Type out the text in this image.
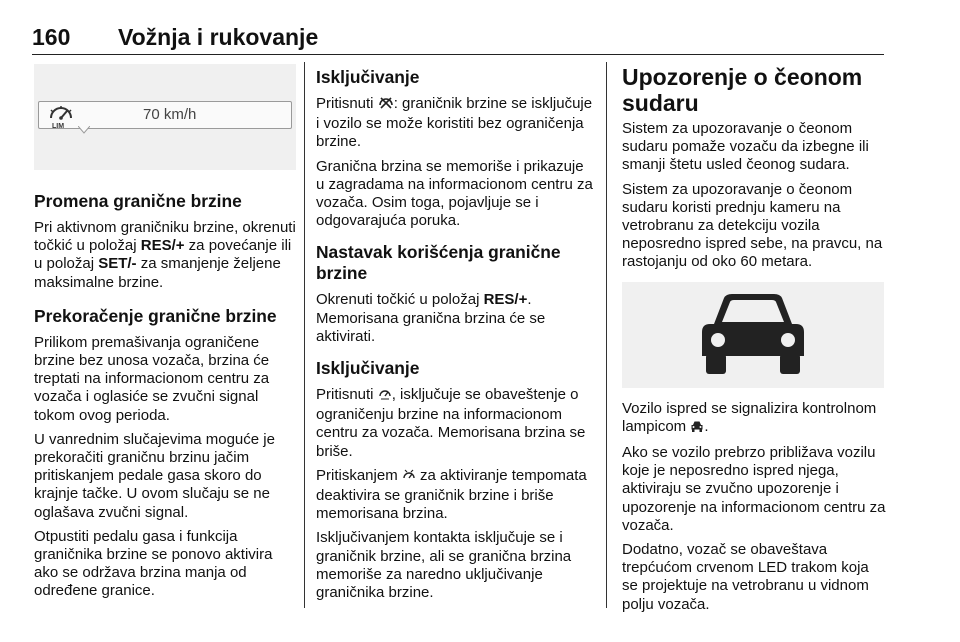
160 Vožnja i rukovanje
LIM
70 km/h
Promena granične brzine

Pri aktivnom graničniku brzine, okrenuti točkić u položaj RES/+ za povećanje ili u položaj SET/- za smanjenje željene maksimalne brzine.

Prekoračenje granične brzine

Prilikom premašivanja ograničene brzine bez unosa vozača, brzina će treptati na informacionom centru za vozača i oglasiće se zvučni signal tokom ovog perioda.

U vanrednim slučajevima moguće je prekoračiti graničnu brzinu jačim pritiskanjem pedale gasa skoro do krajnje tačke. U ovom slučaju se ne oglašava zvučni signal.

Otpustiti pedalu gasa i funkcija graničnika brzine se ponovo aktivira ako se održava brzina manja od određene granice.

Isključivanje

Pritisnuti : graničnik brzine se isključuje i vozilo se može koristiti bez ograničenja brzine.

Granična brzina se memoriše i prikazuje u zagradama na informacionom centru za vozača. Osim toga, pojavljuje se i odgovarajuća poruka.

Nastavak korišćenja granične brzine

Okrenuti točkić u položaj RES/+. Memorisana granična brzina će se aktivirati.

Isključivanje

Pritisnuti , isključuje se obaveštenje o ograničenju brzine na informacionom centru za vozača. Memorisana brzina se briše.

Pritiskanjem  za aktiviranje tempomata deaktivira se graničnik brzine i briše memorisana brzina.

Isključivanjem kontakta isključuje se i graničnik brzine, ali se granična brzina memoriše za naredno uključivanje graničnika brzine.

Upozorenje o čeonom sudaru

Sistem za upozoravanje o čeonom sudaru pomaže vozaču da izbegne ili smanji štetu usled čeonog sudara.

Sistem za upozoravanje o čeonom sudaru koristi prednju kameru na vetrobranu za detekciju vozila neposredno ispred sebe, na pravcu, na rastojanju od oko 60 metara.

Vozilo ispred se signalizira kontrolnom lampicom .

Ako se vozilo prebrzo približava vozilu koje je neposredno ispred njega, aktiviraju se zvučno upozorenje i upozorenje na informacionom centru za vozača.

Dodatno, vozač se obaveštava trepćućom crvenom LED trakom koja se projektuje na vetrobranu u vidnom polju vozača.
